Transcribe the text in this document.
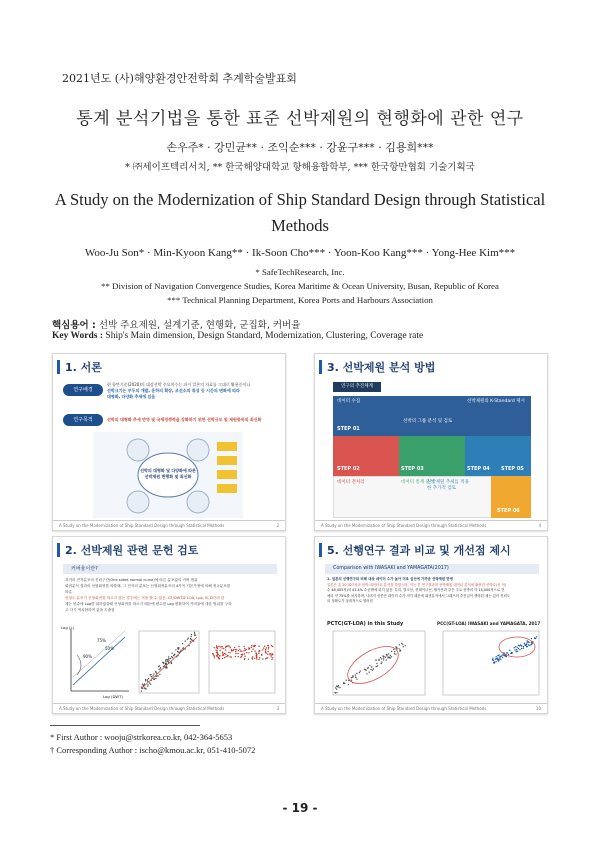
2021년도 (사)해양환경안전학회 추계학술발표회
통계 분석기법을 통한 표준 선박제원의 현행화에 관한 연구
손우주* · 강민균** · 조익순*** · 강윤구*** · 김용희***
* ㈜세이프텍리서치, ** 한국해양대학교 항해융합학부, *** 한국항만협회 기술기획국
A Study on the Modernization of Ship Standard Design through Statistical Methods
Woo-Ju Son* · Min-Kyoon Kang** · Ik-Soon Cho*** · Yoon-Koo Kang*** · Yong-Hee Kim***
* SafeTechResearch, Inc.
** Division of Navigation Convergence Studies, Korea Maritime & Ocean University, Busan, Republic of Korea
*** Technical Planning Department, Korea Ports and Harbours Association
핵심용어 : 선박 주요제원, 설계기준, 현행화, 군집화, 커버율
Key Words : Ship's Main dimension, Design Standard, Modernization, Clustering, Coverage rate
1. 서론
연구배경
현 항만기준(2020)의 대상선박 주요치수는 과거 일본의 자료를 그대로 활용중이나
선박크기는 부두의 개발, 운하의 확장, 조선소의 특성 등 시간의 변화에 따라
대형화, 다양화 추세에 있음
연구목적	선박의 대형화 추세 반영 및 국제경쟁력을 강화하기 위한 선박규모 및 제원항목의 최신화
선박의 대형화 및 다양화에 따른 선박제원 현행화 및 최신화
A Study on the Modernization of Ship Standard Design through Statistical Methods	2
3. 선박제원 분석 방법
연구의 추진체계
데이터 수집
선박의 그룹 분석 및 검토
선박제원의 K-Standard 제시
데이터 전처리	데이터 통계 분석
선박제원 추세를 적용한 추가적 검토
STEP 01
STEP 02	STEP 03	STEP 04 STEP 05
STEP 06
A Study on the Modernization of Ship Standard Design through Statistical Methods	4
2. 선박제원 관련 문헌 검토
커버율이란?
과거의 전자분포의 신뢰구간(One sided normal curve)에 따른 분포값의 커버 범위
회귀분석 결과의 선형회귀를 따를때, 그 전자의 분포는 신형회귀분석의 4가지 기본가정에 의해 정규분포를
따름
선형도 분포가 선형회귀를 따르지 않는 경우에는 적용 할 수 없음. GT/DWT와 LOA, Lpp, B, D간의 관
계는 변수에 Log를 취하였을때 선형회귀를 따르기 때문에 변수를 Log 변환하여 커버율에 대한 범위를 구하
고 다시 역치환하여 값을 도출함
75%
50%
90%
Log (DWT)
Log (L)
A Study on the Modernization of Ship Standard Design through Statistical Methods	3
5. 선행연구 결과 비교 및 개선점 제시
Comparison with IWASAKI and YAMAGATA(2017)
1. 일본의 선행연구와 비해 대상 데이터 수가 높아 더욱 실선에 가까운 선박제원 반영
일본은 총 20,027척의 선박 데이터로 분석을 하였으며, 이는 본 연구결과의 선박제원 데이터 분석에 활용한 선박수(선 척)
수 48,405척)의 41.4% 수준밖에 되지 않음. 특히, 벌크선, 컨테이너선, 탱커선과 같은 주요 선박의 약 15,000척으로 전
체의 약 75%를 차지하며, 나머지 선종은 데이터 수가 적기 때문에 회귀분석에서 그래프의 중진입이 생략된 채는 있어 신뢰도
의 정확도가 상대적으로 떨어짐
PCTC(GT-LOA) in this Study	PCC(GT-LOA) IWASAKI and YAMAGATA, 2017
A Study on the Modernization of Ship Standard Design through Statistical Methods	10
* First Author : wooju@strkorea.co.kr, 042-364-5653
† Corresponding Author : ischo@kmou.ac.kr, 051-410-5072
- 19 -
